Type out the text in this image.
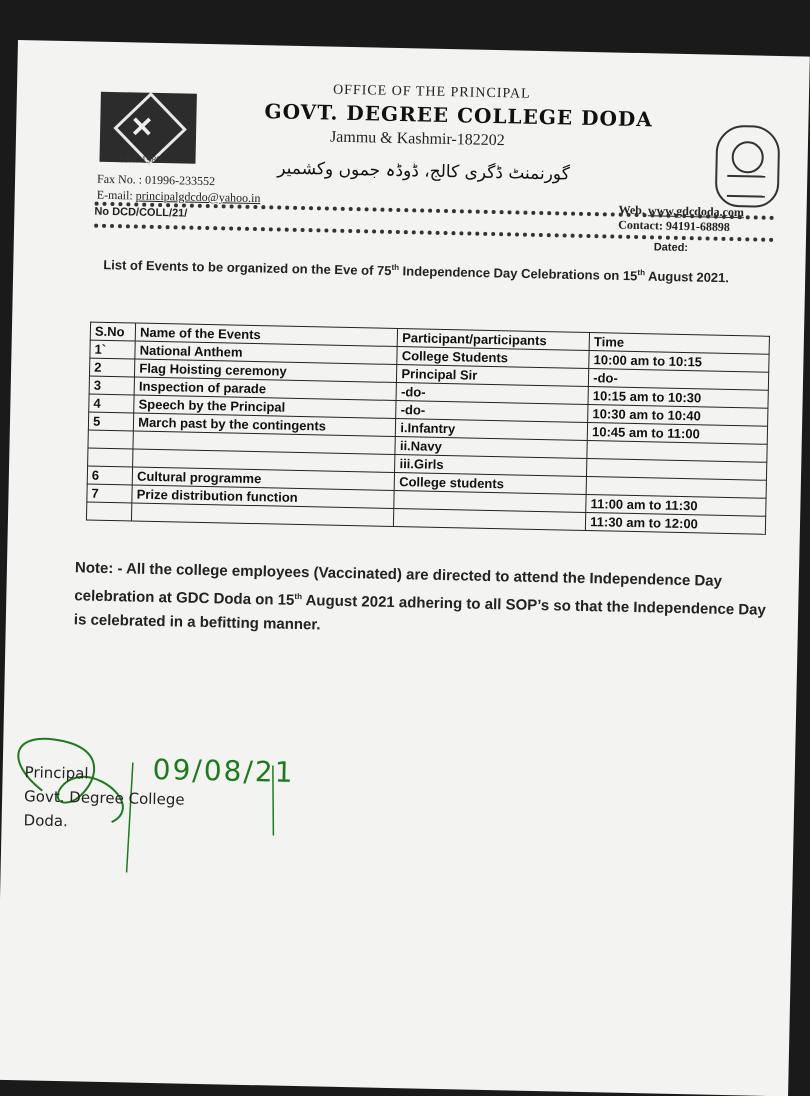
✕
OFFICE OF THE PRINCIPAL
GOVT. DEGREE COLLEGE DODA
Jammu & Kashmir-182202
Estd. 1989	گورنمنٹ ڈگری کالج، ڈوڈہ جموں وکشمیر
Fax No. : 01996-233552
E-mail: principalgdcdo@yahoo.in
Web. www.gdcdoda.com
Contact: 94191-68898
No DCD/COLL/21/
Dated:
List of Events to be organized on the Eve of 75th Independence Day Celebrations on 15th August 2021.
S.No	Name of the Events	Participant/participants	Time
1`	National Anthem	College Students	10:00 am to 10:15
2	Flag Hoisting ceremony	Principal Sir	-do-
3	Inspection of parade	-do-	10:15 am to 10:30
4	Speech by the Principal	-do-	10:30 am to 10:40
5	March past by the contingents	i.Infantry	10:45 am to 11:00
		ii.Navy	
		iii.Girls	
6	Cultural programme	College students	
7	Prize distribution function		11:00 am to 11:30
			11:30 am to 12:00
Note: - All the college employees (Vaccinated) are directed to attend the Independence Day celebration at GDC Doda on 15th August 2021 adhering to all SOP’s so that the Independence Day is celebrated in a befitting manner.
09/08/21
Principal
Govt. Degree College
Doda.
